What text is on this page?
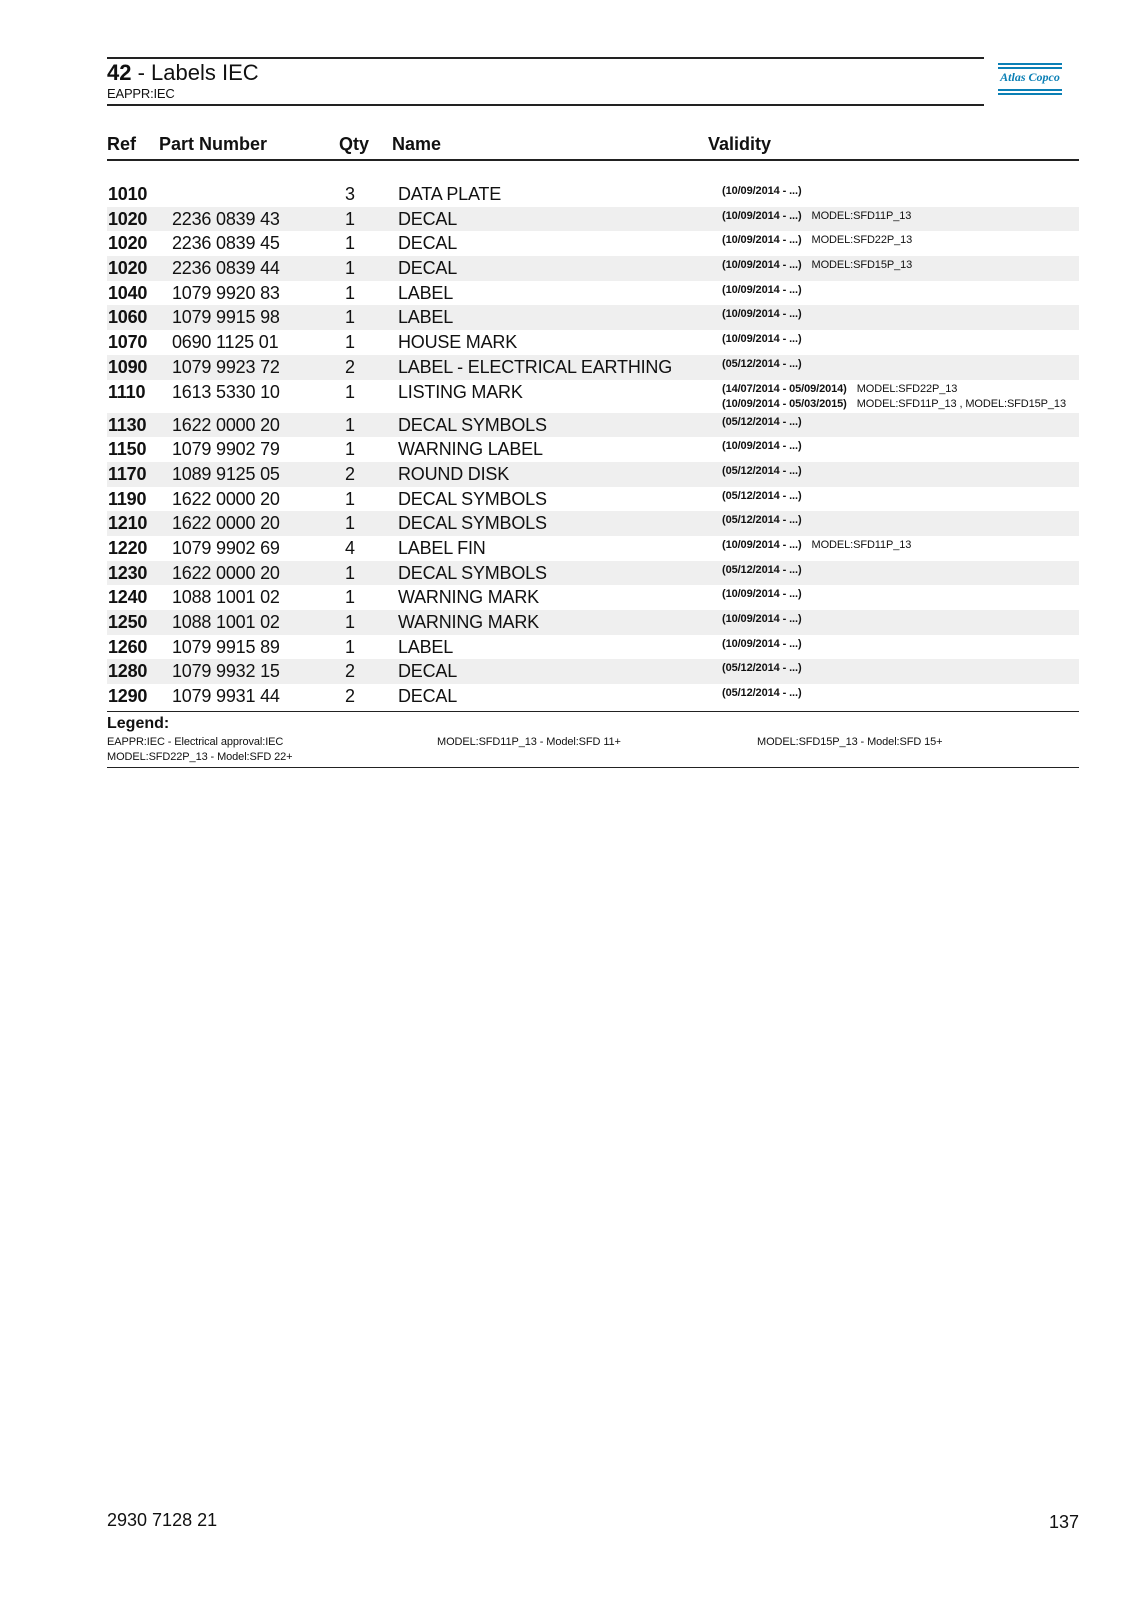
42 - Labels IEC
EAPPR:IEC
Atlas Copco
Ref Part Number	Qty Name	Validity
1010	3 DATA PLATE	(10/09/2014 - ...)
1020 2236 0839 43	1 DECAL	(10/09/2014 - ...) MODEL:SFD11P_13
1020 2236 0839 45	1 DECAL	(10/09/2014 - ...) MODEL:SFD22P_13
1020 2236 0839 44	1 DECAL	(10/09/2014 - ...) MODEL:SFD15P_13
1040 1079 9920 83	1 LABEL	(10/09/2014 - ...)
1060 1079 9915 98	1 LABEL	(10/09/2014 - ...)
1070 0690 1125 01	1 HOUSE MARK	(10/09/2014 - ...)
1090 1079 9923 72	2 LABEL - ELECTRICAL EARTHING	(05/12/2014 - ...)
1110 1613 5330 10	1 LISTING MARK	(14/07/2014 - 05/09/2014) MODEL:SFD22P_13
(10/09/2014 - 05/03/2015) MODEL:SFD11P_13 , MODEL:SFD15P_13
1130 1622 0000 20	1 DECAL SYMBOLS	(05/12/2014 - ...)
1150 1079 9902 79	1 WARNING LABEL	(10/09/2014 - ...)
1170 1089 9125 05	2 ROUND DISK	(05/12/2014 - ...)
1190 1622 0000 20	1 DECAL SYMBOLS	(05/12/2014 - ...)
1210 1622 0000 20	1 DECAL SYMBOLS	(05/12/2014 - ...)
1220 1079 9902 69	4 LABEL FIN	(10/09/2014 - ...) MODEL:SFD11P_13
1230 1622 0000 20	1 DECAL SYMBOLS	(05/12/2014 - ...)
1240 1088 1001 02	1 WARNING MARK	(10/09/2014 - ...)
1250 1088 1001 02	1 WARNING MARK	(10/09/2014 - ...)
1260 1079 9915 89	1 LABEL	(10/09/2014 - ...)
1280 1079 9932 15	2 DECAL	(05/12/2014 - ...)
1290 1079 9931 44	2 DECAL	(05/12/2014 - ...)
Legend:
EAPPR:IEC - Electrical approval:IEC	MODEL:SFD11P_13 - Model:SFD 11+	MODEL:SFD15P_13 - Model:SFD 15+
MODEL:SFD22P_13 - Model:SFD 22+
2930 7128 21	137
